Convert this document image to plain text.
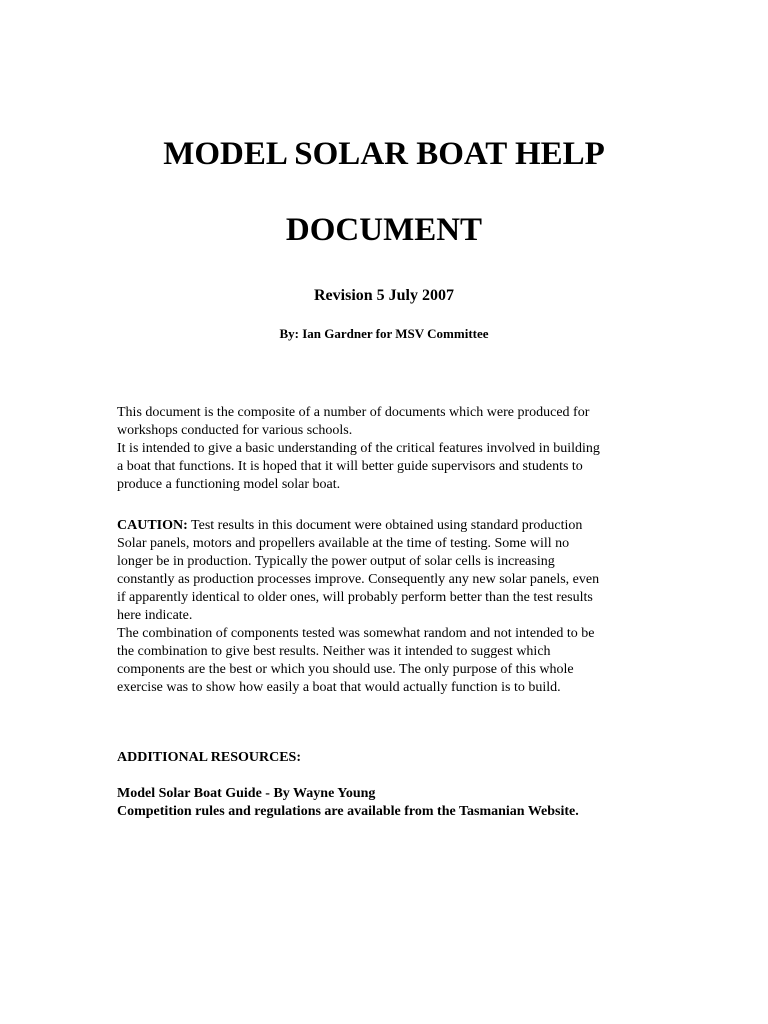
MODEL SOLAR BOAT HELP
DOCUMENT

Revision 5 July 2007

By: Ian Gardner for MSV Committee

This document is the composite of a number of documents which were produced for
workshops conducted for various schools.
It is intended to give a basic understanding of the critical features involved in building
a boat that functions. It is hoped that it will better guide supervisors and students to
produce a functioning model solar boat.
CAUTION: Test results in this document were obtained using standard production
Solar panels, motors and propellers available at the time of testing. Some will no
longer be in production. Typically the power output of solar cells is increasing
constantly as production processes improve. Consequently any new solar panels, even
if apparently identical to older ones, will probably perform better than the test results
here indicate.
The combination of components tested was somewhat random and not intended to be
the combination to give best results. Neither was it intended to suggest which
components are the best or which you should use. The only purpose of this whole
exercise was to show how easily a boat that would actually function is to build.
ADDITIONAL RESOURCES:
Model Solar Boat Guide - By Wayne Young
Competition rules and regulations are available from the Tasmanian Website.
